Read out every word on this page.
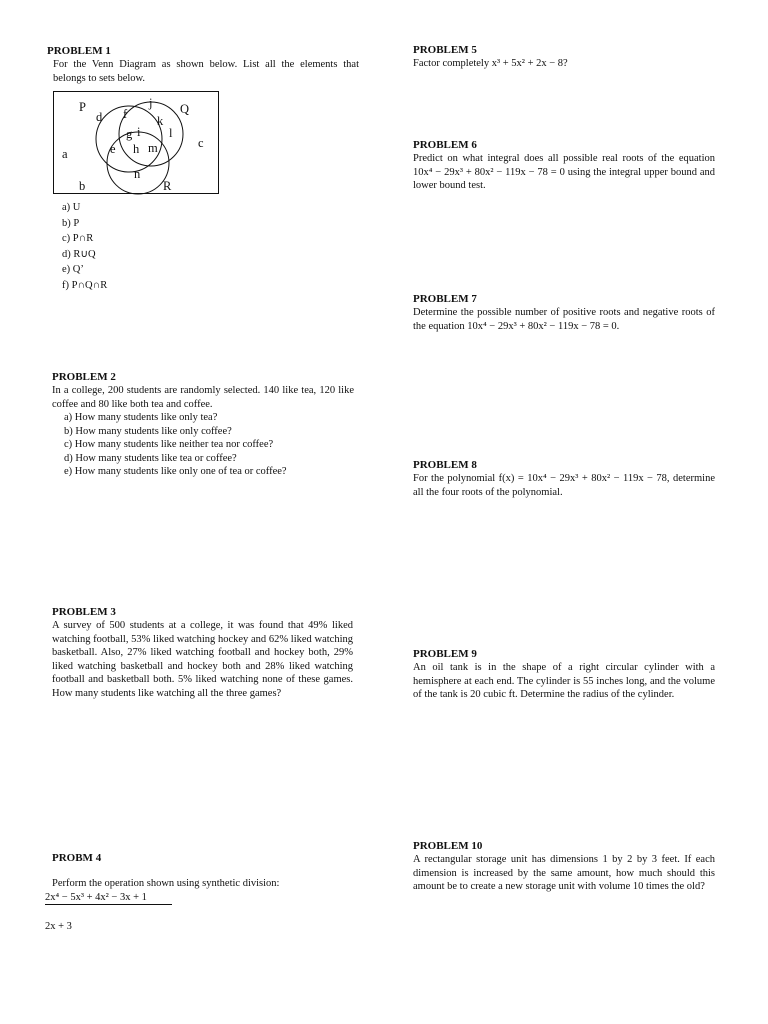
PROBLEM 1
For the Venn Diagram as shown below. List all the elements that belongs to sets below.
P	Q
R
a
b
c
d
e
f
g
h
i
j
k
l
m
n
a) U
b) P
c) P∩R
d) R∪Q
e) Q’
f) P∩Q∩R
PROBLEM 2
In a college, 200 students are randomly selected. 140 like tea, 120 like coffee and 80 like both tea and coffee.
a) How many students like only tea?
b) How many students like only coffee?
c) How many students like neither tea nor coffee?
d) How many students like tea or coffee?
e) How many students like only one of tea or coffee?
PROBLEM 3
A survey of 500 students at a college, it was found that 49% liked watching football, 53% liked watching hockey and 62% liked watching basketball. Also, 27% liked watching football and hockey both, 29% liked watching basketball and hockey both and 28% liked watching football and basketball both. 5% liked watching none of these games. How many students like watching all the three games?
PROBM 4
Perform the operation shown using synthetic division:
2x⁴ − 5x³ + 4x² − 3x + 1
2x + 3
PROBLEM 5
Factor completely x³ + 5x² + 2x − 8?
PROBLEM 6
Predict on what integral does all possible real roots of the equation 10x⁴ − 29x³ + 80x² − 119x − 78 = 0 using the integral upper bound and lower bound test.
PROBLEM 7
Determine the possible number of positive roots and negative roots of the equation 10x⁴ − 29x³ + 80x² − 119x − 78 = 0.
PROBLEM 8
For the polynomial f(x) = 10x⁴ − 29x³ + 80x² − 119x − 78, determine all the four roots of the polynomial.
PROBLEM 9
An oil tank is in the shape of a right circular cylinder with a hemisphere at each end. The cylinder is 55 inches long, and the volume of the tank is 20 cubic ft. Determine the radius of the cylinder.
PROBLEM 10
A rectangular storage unit has dimensions 1 by 2 by 3 feet. If each dimension is increased by the same amount, how much should this amount be to create a new storage unit with volume 10 times the old?
